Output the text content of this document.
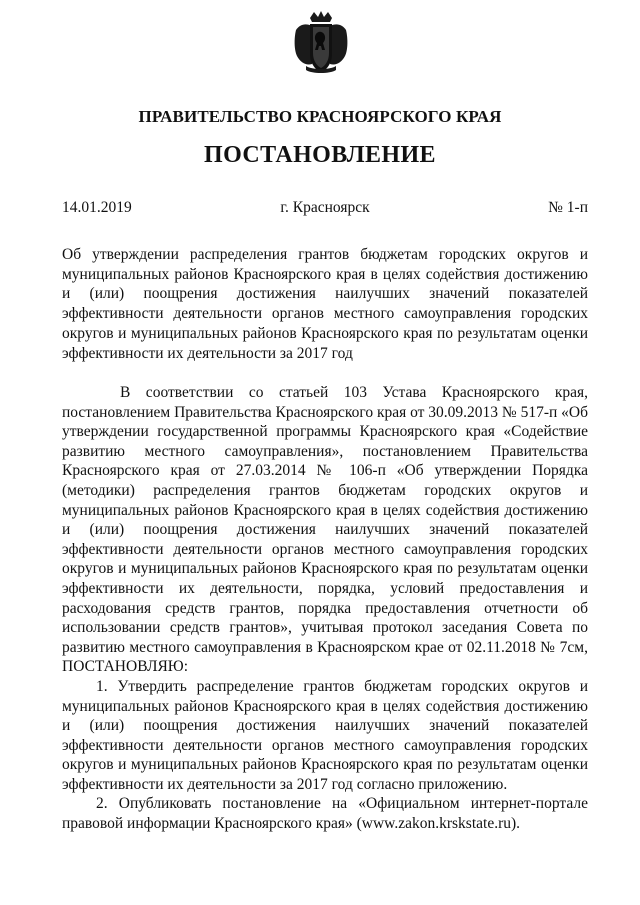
ПРАВИТЕЛЬСТВО КРАСНОЯРСКОГО КРАЯ
ПОСТАНОВЛЕНИЕ
г. Красноярск
14.01.2019	№ 1-п
Об утверждении распределения грантов бюджетам городских округов и муниципальных районов Красноярского края в целях содействия достижению и (или) поощрения достижения наилучших значений показателей эффективности деятельности органов местного самоуправления городских округов и муниципальных районов Красноярского края по результатам оценки эффективности их деятельности за 2017 год

В соответствии со статьей 103 Устава Красноярского края, постановлением Правительства Красноярского края от 30.09.2013 № 517-п «Об утверждении государственной программы Красноярского края «Содействие развитию местного самоуправления», постановлением Правительства Красноярского края от 27.03.2014 № 106-п «Об утверждении Порядка (методики) распределения грантов бюджетам городских округов и муниципальных районов Красноярского края в целях содействия достижению и (или) поощрения достижения наилучших значений показателей эффективности деятельности органов местного самоуправления городских округов и муниципальных районов Красноярского края по результатам оценки эффективности их деятельности, порядка, условий предоставления и расходования средств грантов, порядка предоставления отчетности об использовании средств грантов», учитывая протокол заседания Совета по развитию местного самоуправления в Красноярском крае от 02.11.2018 № 7см, ПОСТАНОВЛЯЮ:

1. Утвердить распределение грантов бюджетам городских округов и муниципальных районов Красноярского края в целях содействия достижению и (или) поощрения достижения наилучших значений показателей эффективности деятельности органов местного самоуправления городских округов и муниципальных районов Красноярского края по результатам оценки эффективности их деятельности за 2017 год согласно приложению.

2. Опубликовать постановление на «Официальном интернет-портале правовой информации Красноярского края» (www.zakon.krskstate.ru).
